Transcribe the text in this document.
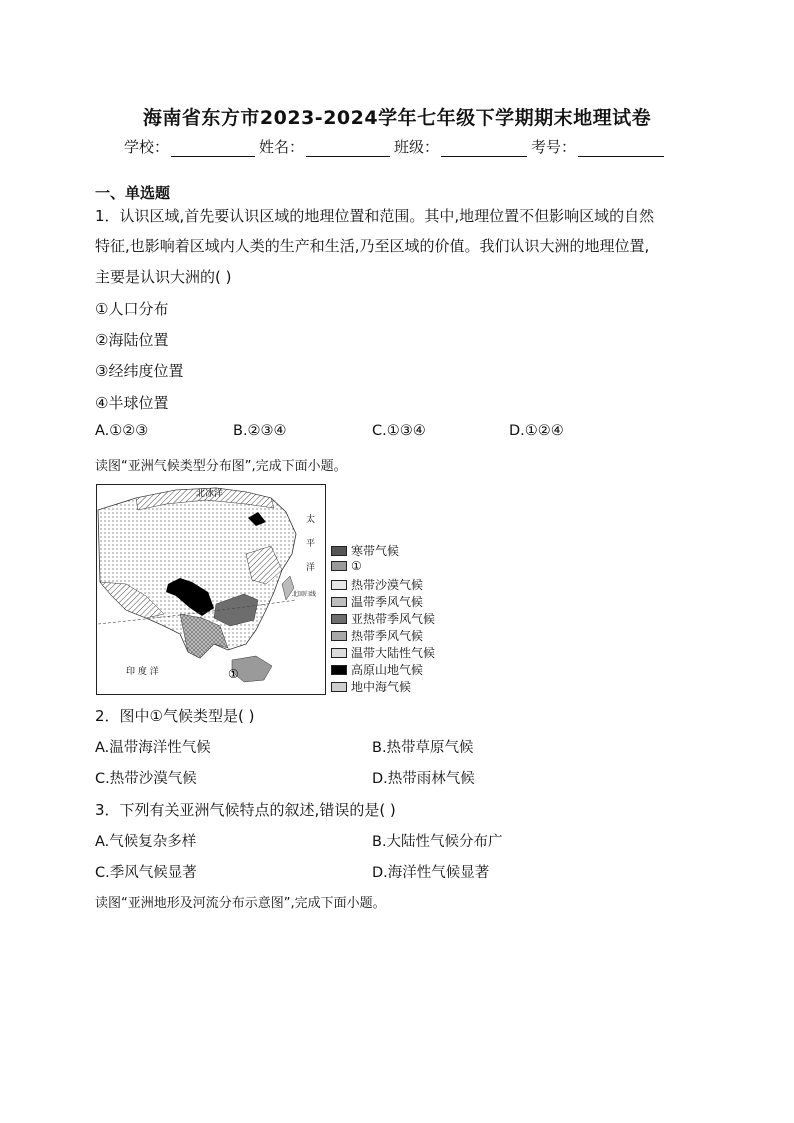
海南省东方市2023-2024学年七年级下学期期末地理试卷
学校：	姓名：	班级：	考号：
一、单选题
1．认识区域,首先要认识区域的地理位置和范围。其中,地理位置不但影响区域的自然
特征,也影响着区域内人类的生产和生活,乃至区域的价值。我们认识大洲的地理位置,
主要是认识大洲的( )
①人口分布
②海陆位置
③经纬度位置
④半球位置
A.①②③	B.②③④	C.①③④	D.①②④
读图“亚洲气候类型分布图”,完成下面小题。
北冰洋
太
平
洋
北回归线
印 度 洋	①
寒带气候
①
热带沙漠气候
温带季风气候
亚热带季风气候
热带季风气候
温带大陆性气候
高原山地气候
地中海气候
2．图中①气候类型是( )
A.温带海洋性气候	B.热带草原气候
C.热带沙漠气候	D.热带雨林气候
3．下列有关亚洲气候特点的叙述,错误的是( )
A.气候复杂多样	B.大陆性气候分布广
C.季风气候显著	D.海洋性气候显著
读图“亚洲地形及河流分布示意图”,完成下面小题。
